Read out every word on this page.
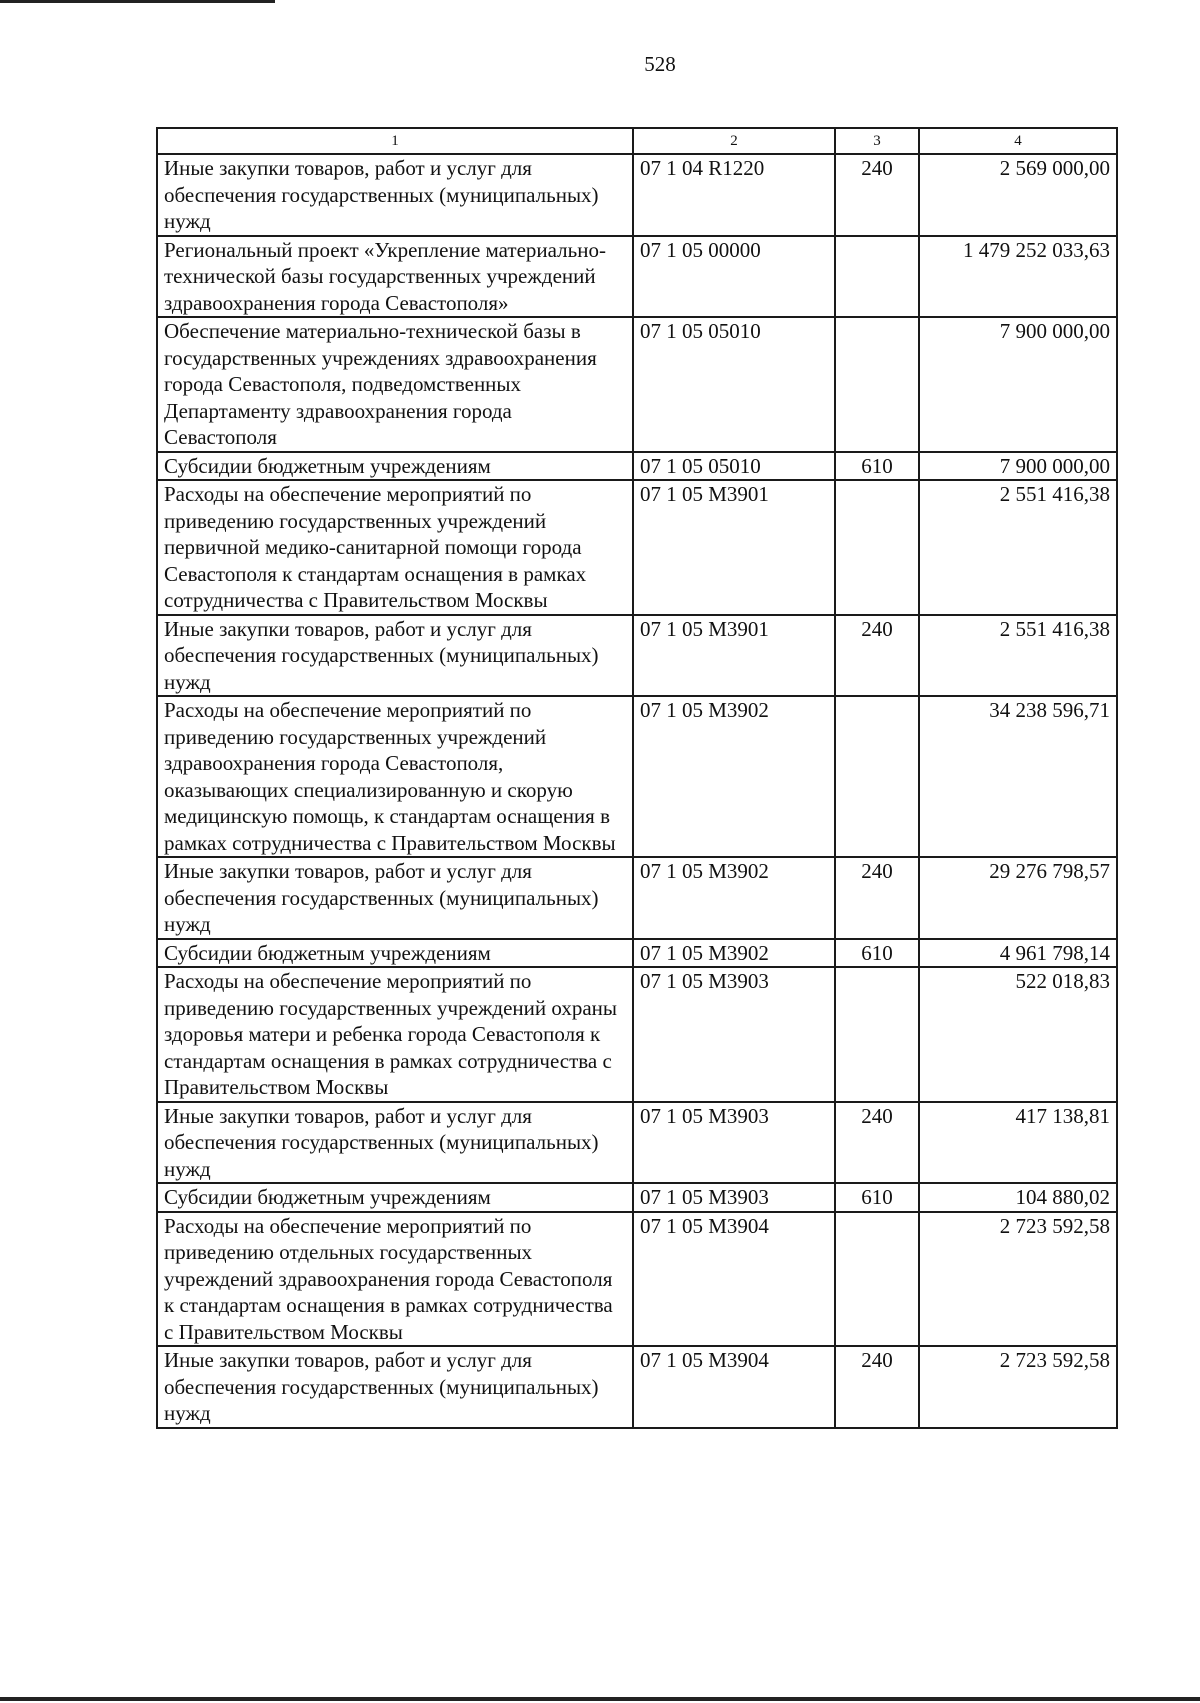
528
1	2	3	4
Иные закупки товаров, работ и услуг для обеспечения государственных (муниципальных) нужд	07 1 04 R1220	240	2 569 000,00
Региональный проект «Укрепление материально-технической базы государственных учреждений здравоохранения города Севастополя»	07 1 05 00000		1 479 252 033,63
Обеспечение материально-технической базы в государственных учреждениях здравоохранения города Севастополя, подведомственных Департаменту здравоохранения города Севастополя	07 1 05 05010		7 900 000,00
Субсидии бюджетным учреждениям	07 1 05 05010	610	7 900 000,00
Расходы на обеспечение мероприятий по приведению государственных учреждений первичной медико-санитарной помощи города Севастополя к стандартам оснащения в рамках сотрудничества с Правительством Москвы	07 1 05 M3901		2 551 416,38
Иные закупки товаров, работ и услуг для обеспечения государственных (муниципальных) нужд	07 1 05 M3901	240	2 551 416,38
Расходы на обеспечение мероприятий по приведению государственных учреждений здравоохранения города Севастополя, оказывающих специализированную и скорую медицинскую помощь, к стандартам оснащения в рамках сотрудничества с Правительством Москвы	07 1 05 M3902		34 238 596,71
Иные закупки товаров, работ и услуг для обеспечения государственных (муниципальных) нужд	07 1 05 M3902	240	29 276 798,57
Субсидии бюджетным учреждениям	07 1 05 M3902	610	4 961 798,14
Расходы на обеспечение мероприятий по приведению государственных учреждений охраны здоровья матери и ребенка города Севастополя к стандартам оснащения в рамках сотрудничества с Правительством Москвы	07 1 05 M3903		522 018,83
Иные закупки товаров, работ и услуг для обеспечения государственных (муниципальных) нужд	07 1 05 M3903	240	417 138,81
Субсидии бюджетным учреждениям	07 1 05 M3903	610	104 880,02
Расходы на обеспечение мероприятий по приведению отдельных государственных учреждений здравоохранения города Севастополя к стандартам оснащения в рамках сотрудничества с Правительством Москвы	07 1 05 M3904		2 723 592,58
Иные закупки товаров, работ и услуг для обеспечения государственных (муниципальных) нужд	07 1 05 M3904	240	2 723 592,58
